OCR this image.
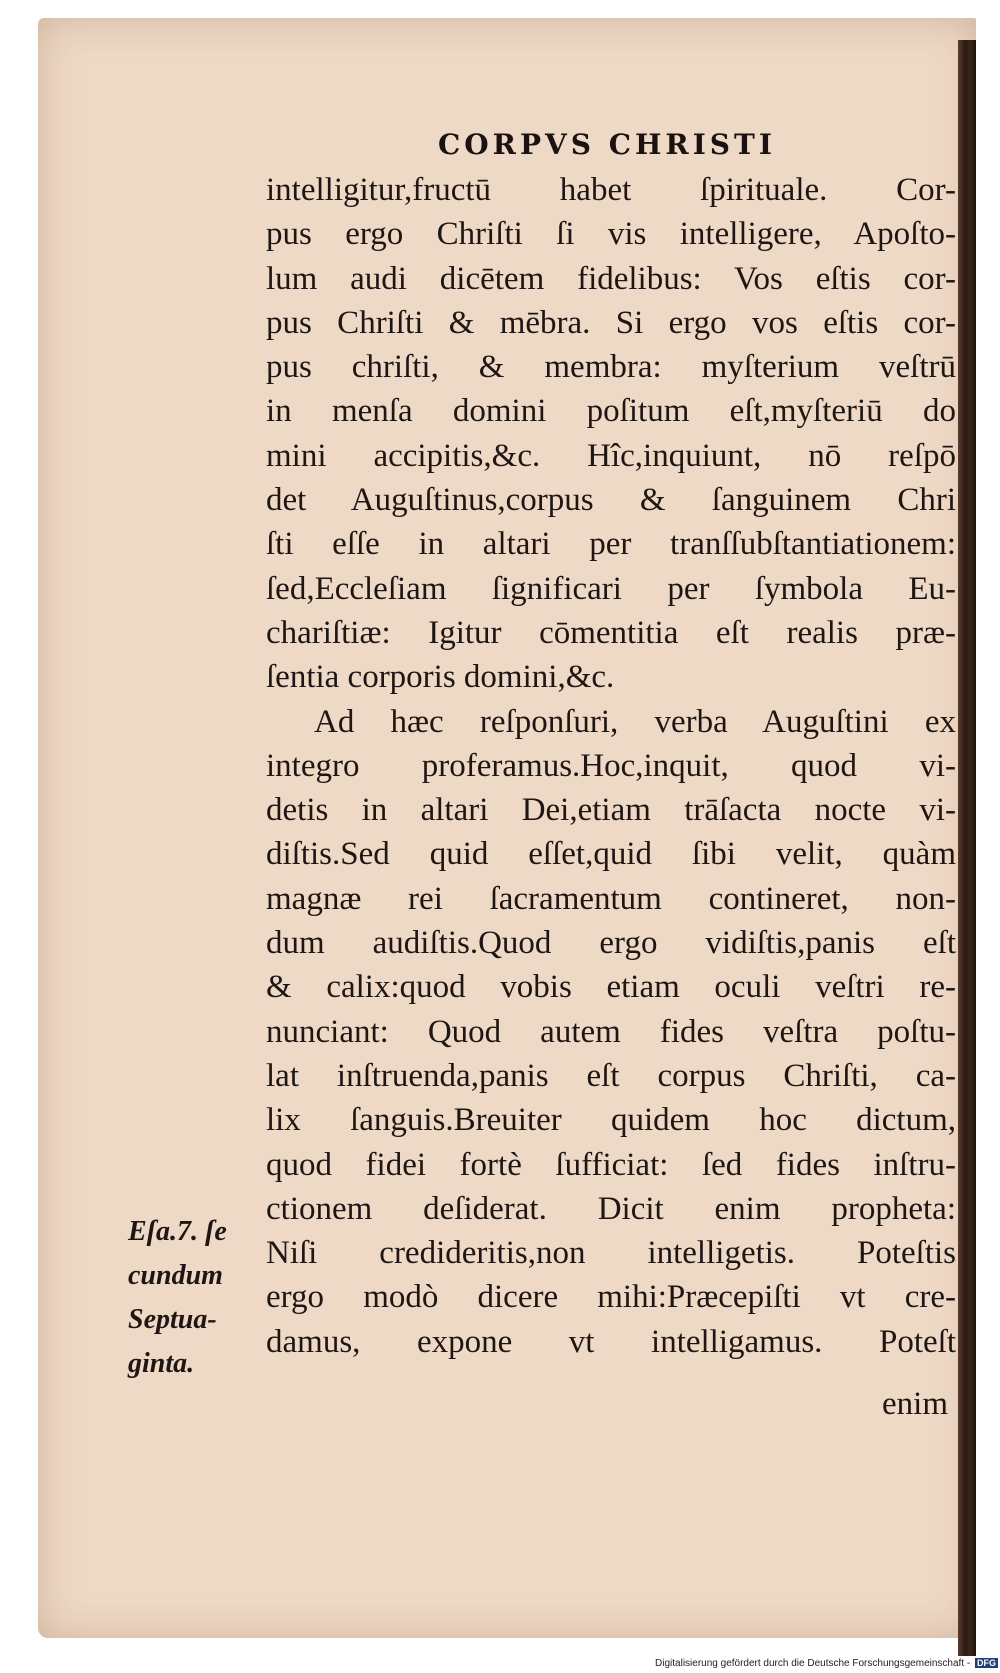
CORPVS CHRISTI
intelligitur,fructū habet ſpirituale. Cor-
pus ergo Chriſti ſi vis intelligere, Apoſto-
lum audi dicētem fidelibus: Vos eſtis cor-
pus Chriſti & mēbra. Si ergo vos eſtis cor-
pus chriſti, & membra: myſterium veſtrū
in menſa domini poſitum eſt,myſteriū do
mini accipitis,&c. Hîc,inquiunt, nō reſpō
det Auguſtinus,corpus & ſanguinem Chri
ſti eſſe in altari per tranſſubſtantiationem:
ſed,Eccleſiam ſignificari per ſymbola Eu-
chariſtiæ: Igitur cōmentitia eſt realis præ-
ſentia corporis domini,&c.
Ad hæc reſponſuri, verba Auguſtini ex
integro proferamus.Hoc,inquit, quod vi-
detis in altari Dei,etiam trāſacta nocte vi-
diſtis.Sed quid eſſet,quid ſibi velit, quàm
magnæ rei ſacramentum contineret, non-
dum audiſtis.Quod ergo vidiſtis,panis eſt
& calix:quod vobis etiam oculi veſtri re-
nunciant: Quod autem fides veſtra poſtu-
lat inſtruenda,panis eſt corpus Chriſti, ca-
lix ſanguis.Breuiter quidem hoc dictum,
quod fidei fortè ſufficiat: ſed fides inſtru-
ctionem deſiderat. Dicit enim propheta:
Niſi credideritis,non intelligetis. Poteſtis
ergo modò dicere mihi:Præcepiſti vt cre-
damus, expone vt intelligamus. Poteſt
enim
Eſa.7. ſe
cundum
Septua-
ginta.
Digitalisierung gefördert durch die Deutsche Forschungsgemeinschaft - DFG
